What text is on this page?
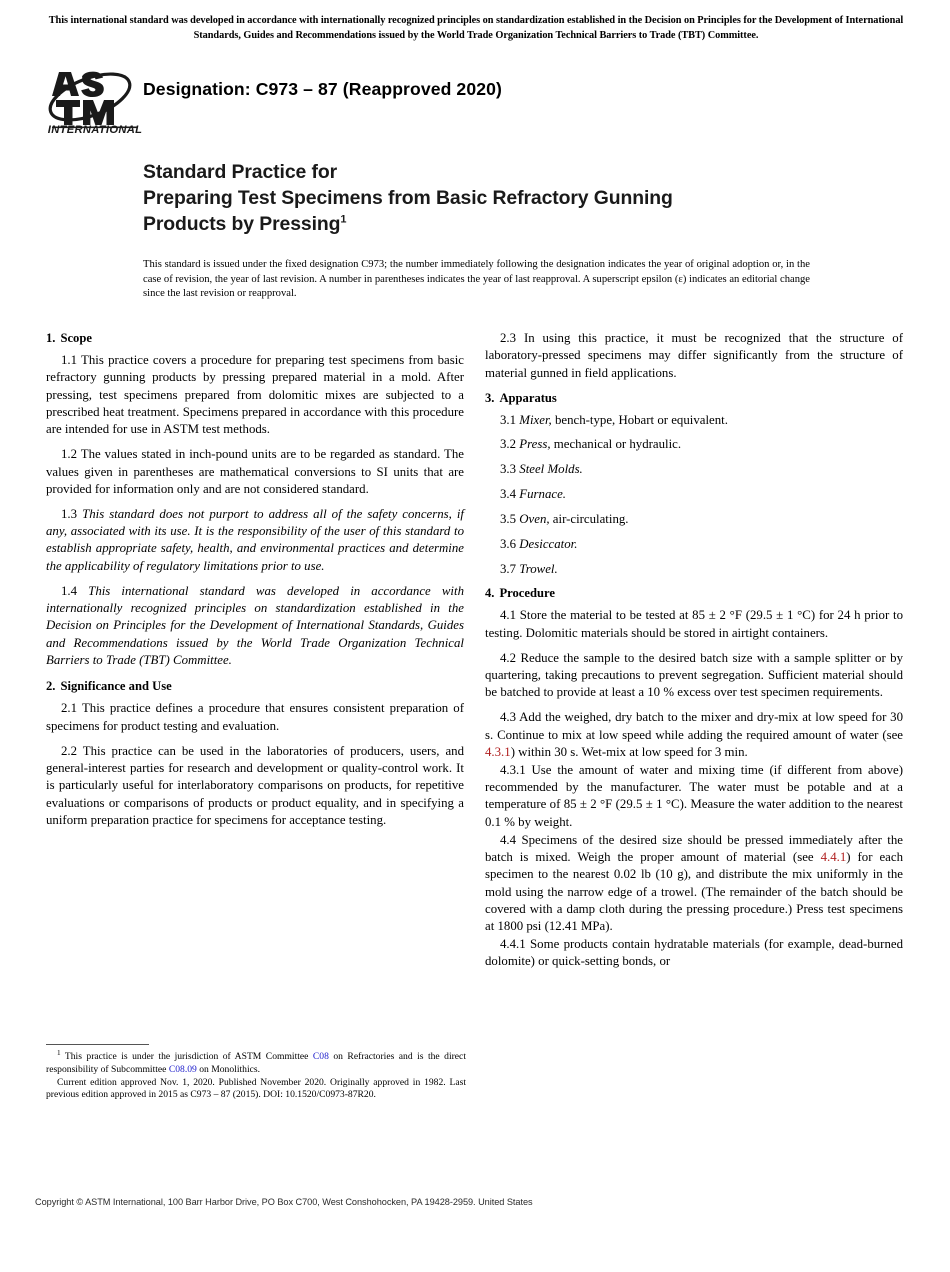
This international standard was developed in accordance with internationally recognized principles on standardization established in the Decision on Principles for the Development of International Standards, Guides and Recommendations issued by the World Trade Organization Technical Barriers to Trade (TBT) Committee.
INTERNATIONAL
Designation: C973 – 87 (Reapproved 2020)
Standard Practice for
Preparing Test Specimens from Basic Refractory Gunning
Products by Pressing$^1$
This standard is issued under the fixed designation C973; the number immediately following the designation indicates the year of original adoption or, in the case of revision, the year of last revision. A number in parentheses indicates the year of last reapproval. A superscript epsilon (ε) indicates an editorial change since the last revision or reapproval.
1. Scope

1.1 This practice covers a procedure for preparing test specimens from basic refractory gunning products by pressing prepared material in a mold. After pressing, test specimens prepared from dolomitic mixes are subjected to a prescribed heat treatment. Specimens prepared in accordance with this procedure are intended for use in ASTM test methods.

1.2 The values stated in inch-pound units are to be regarded as standard. The values given in parentheses are mathematical conversions to SI units that are provided for information only and are not considered standard.

1.3 This standard does not purport to address all of the safety concerns, if any, associated with its use. It is the responsibility of the user of this standard to establish appropriate safety, health, and environmental practices and determine the applicability of regulatory limitations prior to use.

1.4 This international standard was developed in accordance with internationally recognized principles on standardization established in the Decision on Principles for the Development of International Standards, Guides and Recommendations issued by the World Trade Organization Technical Barriers to Trade (TBT) Committee.

2. Significance and Use

2.1 This practice defines a procedure that ensures consistent preparation of specimens for product testing and evaluation.

2.2 This practice can be used in the laboratories of producers, users, and general-interest parties for research and development or quality-control work. It is particularly useful for interlaboratory comparisons on products, for repetitive evaluations or comparisons of products or product equality, and in specifying a uniform preparation practice for specimens for acceptance testing.

2.3 In using this practice, it must be recognized that the structure of laboratory-pressed specimens may differ significantly from the structure of material gunned in field applications.

3. Apparatus
3.1 Mixer, bench-type, Hobart or equivalent.
3.2 Press, mechanical or hydraulic.
3.3 Steel Molds.
3.4 Furnace.
3.5 Oven, air-circulating.
3.6 Desiccator.
3.7 Trowel.
4. Procedure

4.1 Store the material to be tested at 85 ± 2 °F (29.5 ± 1 °C) for 24 h prior to testing. Dolomitic materials should be stored in airtight containers.

4.2 Reduce the sample to the desired batch size with a sample splitter or by quartering, taking precautions to prevent segregation. Sufficient material should be batched to provide at least a 10 % excess over test specimen requirements.

4.3 Add the weighed, dry batch to the mixer and dry-mix at low speed for 30 s. Continue to mix at low speed while adding the required amount of water (see 4.3.1) within 30 s. Wet-mix at low speed for 3 min.

4.3.1 Use the amount of water and mixing time (if different from above) recommended by the manufacturer. The water must be potable and at a temperature of 85 ± 2 °F (29.5 ± 1 °C). Measure the water addition to the nearest 0.1 % by weight.

4.4 Specimens of the desired size should be pressed immediately after the batch is mixed. Weigh the proper amount of material (see 4.4.1) for each specimen to the nearest 0.02 lb (10 g), and distribute the mix uniformly in the mold using the narrow edge of a trowel. (The remainder of the batch should be covered with a damp cloth during the pressing procedure.) Press test specimens at 1800 psi (12.41 MPa).

4.4.1 Some products contain hydratable materials (for example, dead-burned dolomite) or quick-setting bonds, or

$^1$ This practice is under the jurisdiction of ASTM Committee C08 on Refractories and is the direct responsibility of Subcommittee C08.09 on Monolithics.

Current edition approved Nov. 1, 2020. Published November 2020. Originally approved in 1982. Last previous edition approved in 2015 as C973 – 87 (2015). DOI: 10.1520/C0973-87R20.

Copyright © ASTM International, 100 Barr Harbor Drive, PO Box C700, West Conshohocken, PA 19428-2959. United States
